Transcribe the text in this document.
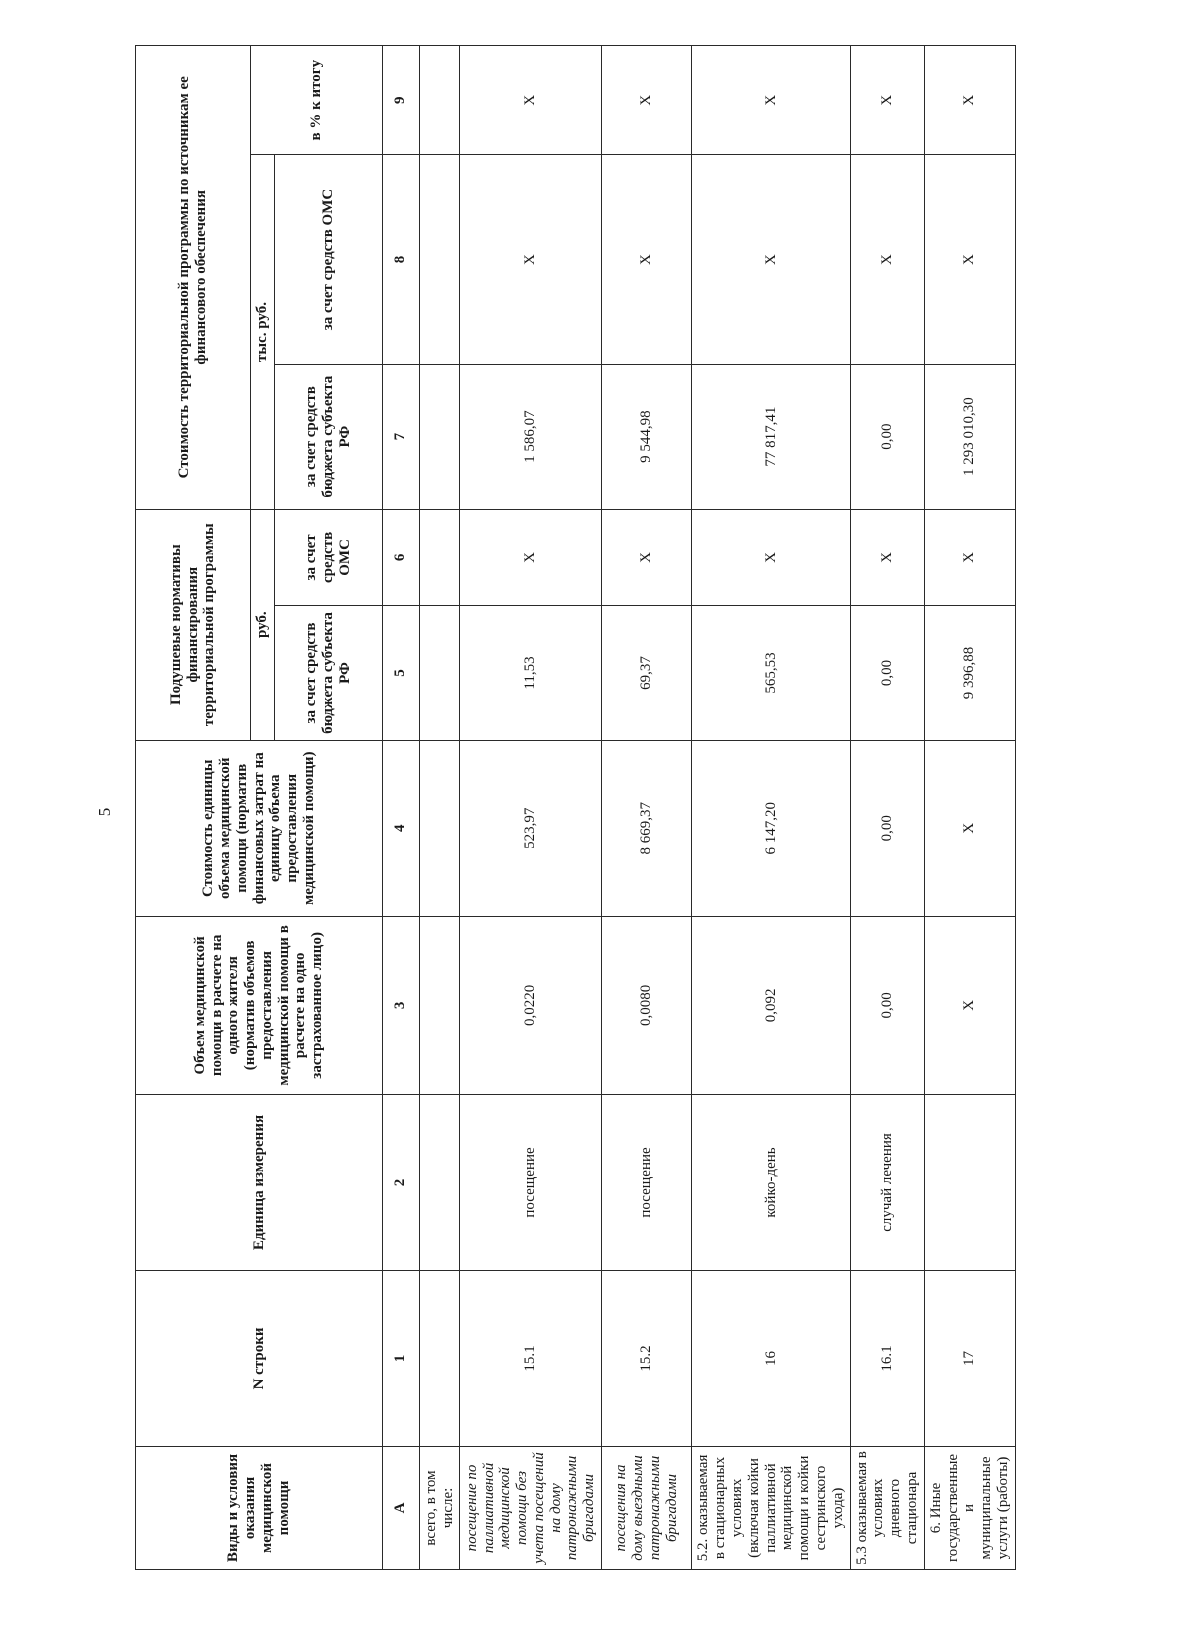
5
Виды и условия оказания медицинской помощи	N строки	Единица измерения	Объем медицинской помощи в расчете на одного жителя (норматив объемов предоставления медицинской помощи в расчете на одно застрахованное лицо)	Стоимость единицы объема медицинской помощи (норматив финансовых затрат на единицу объема предоставления медицинской помощи)	Подушевые нормативы финансирования территориальной программы		Стоимость территориальной программы по источникам ее финансового обеспечения		
					руб.		тыс. руб.		в % к итогу
					за счет средств бюджета субъекта РФ	за счет средств ОМС	за счет средств бюджета субъекта РФ	за счет средств ОМС	
А	1	2	3	4	5	6	7	8	9
всего, в том числе:									
посещение по паллиативной медицинской помощи без учета посещений на дому патронажными бригадами	15.1	посещение	0,0220	523,97	11,53	X	1 586,07	X	X
посещения на дому выездными патронажными бригадами	15.2	посещение	0,0080	8 669,37	69,37	X	9 544,98	X	X
5.2. оказываемая в стационарных условиях (включая койки паллиативной медицинской помощи и койки сестринского ухода)	16	койко-день	0,092	6 147,20	565,53	X	77 817,41	X	X
5.3 оказываемая в условиях дневного стационара	16.1	случай лечения	0,00	0,00	0,00	X	0,00	X	X
6. Иные государственные и муниципальные услуги (работы)	17		X	X	9 396,88	X	1 293 010,30	X	X
